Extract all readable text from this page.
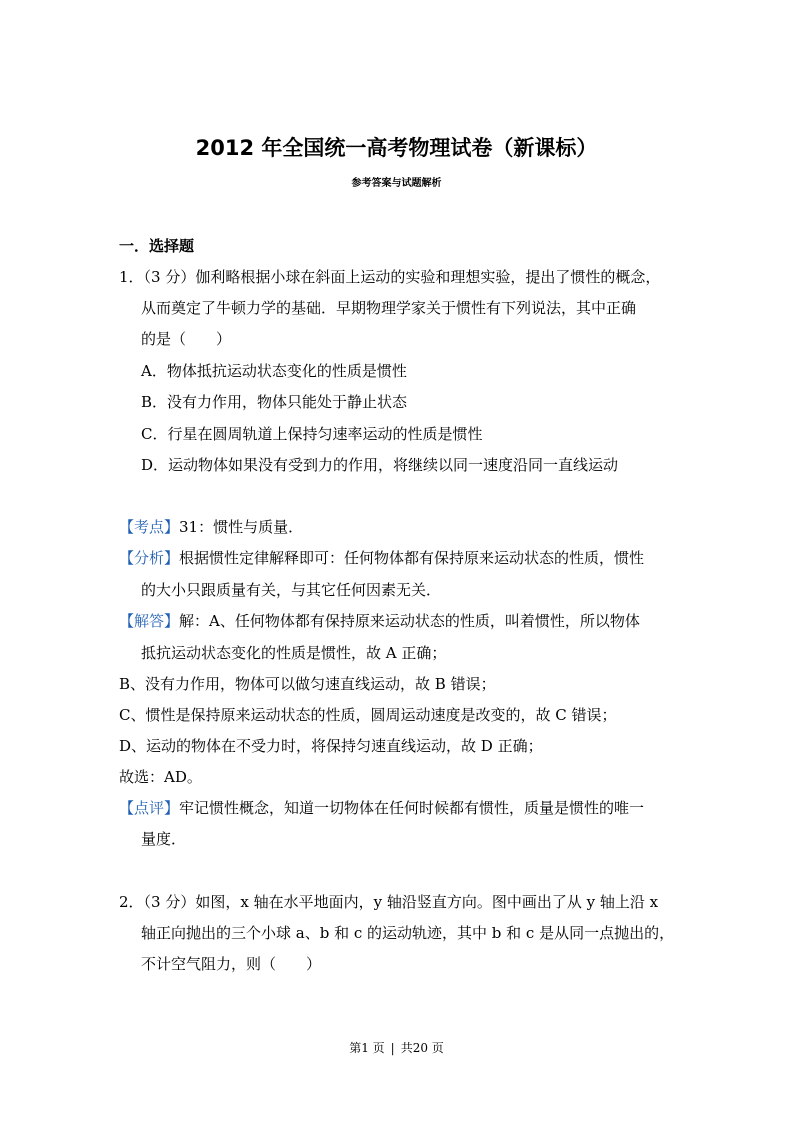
2012 年全国统一高考物理试卷（新课标）
参考答案与试题解析
一．选择题
1．（3 分）伽利略根据小球在斜面上运动的实验和理想实验，提出了惯性的概念，
从而奠定了牛顿力学的基础．早期物理学家关于惯性有下列说法，其中正确
的是（　　）
A．物体抵抗运动状态变化的性质是惯性
B．没有力作用，物体只能处于静止状态
C．行星在圆周轨道上保持匀速率运动的性质是惯性
D．运动物体如果没有受到力的作用，将继续以同一速度沿同一直线运动
【考点】31：惯性与质量．
【分析】根据惯性定律解释即可：任何物体都有保持原来运动状态的性质，惯性
的大小只跟质量有关，与其它任何因素无关．
【解答】解：A、任何物体都有保持原来运动状态的性质，叫着惯性，所以物体
抵抗运动状态变化的性质是惯性，故 A 正确；
B、没有力作用，物体可以做匀速直线运动，故 B 错误；
C、惯性是保持原来运动状态的性质，圆周运动速度是改变的，故 C 错误；
D、运动的物体在不受力时，将保持匀速直线运动，故 D 正确；
故选：AD。
【点评】牢记惯性概念，知道一切物体在任何时候都有惯性，质量是惯性的唯一
量度．
2．（3 分）如图，x 轴在水平地面内，y 轴沿竖直方向。图中画出了从 y 轴上沿 x
轴正向抛出的三个小球 a、b 和 c 的运动轨迹，其中 b 和 c 是从同一点抛出的，
不计空气阻力，则（　　）
第1 页 | 共20 页
